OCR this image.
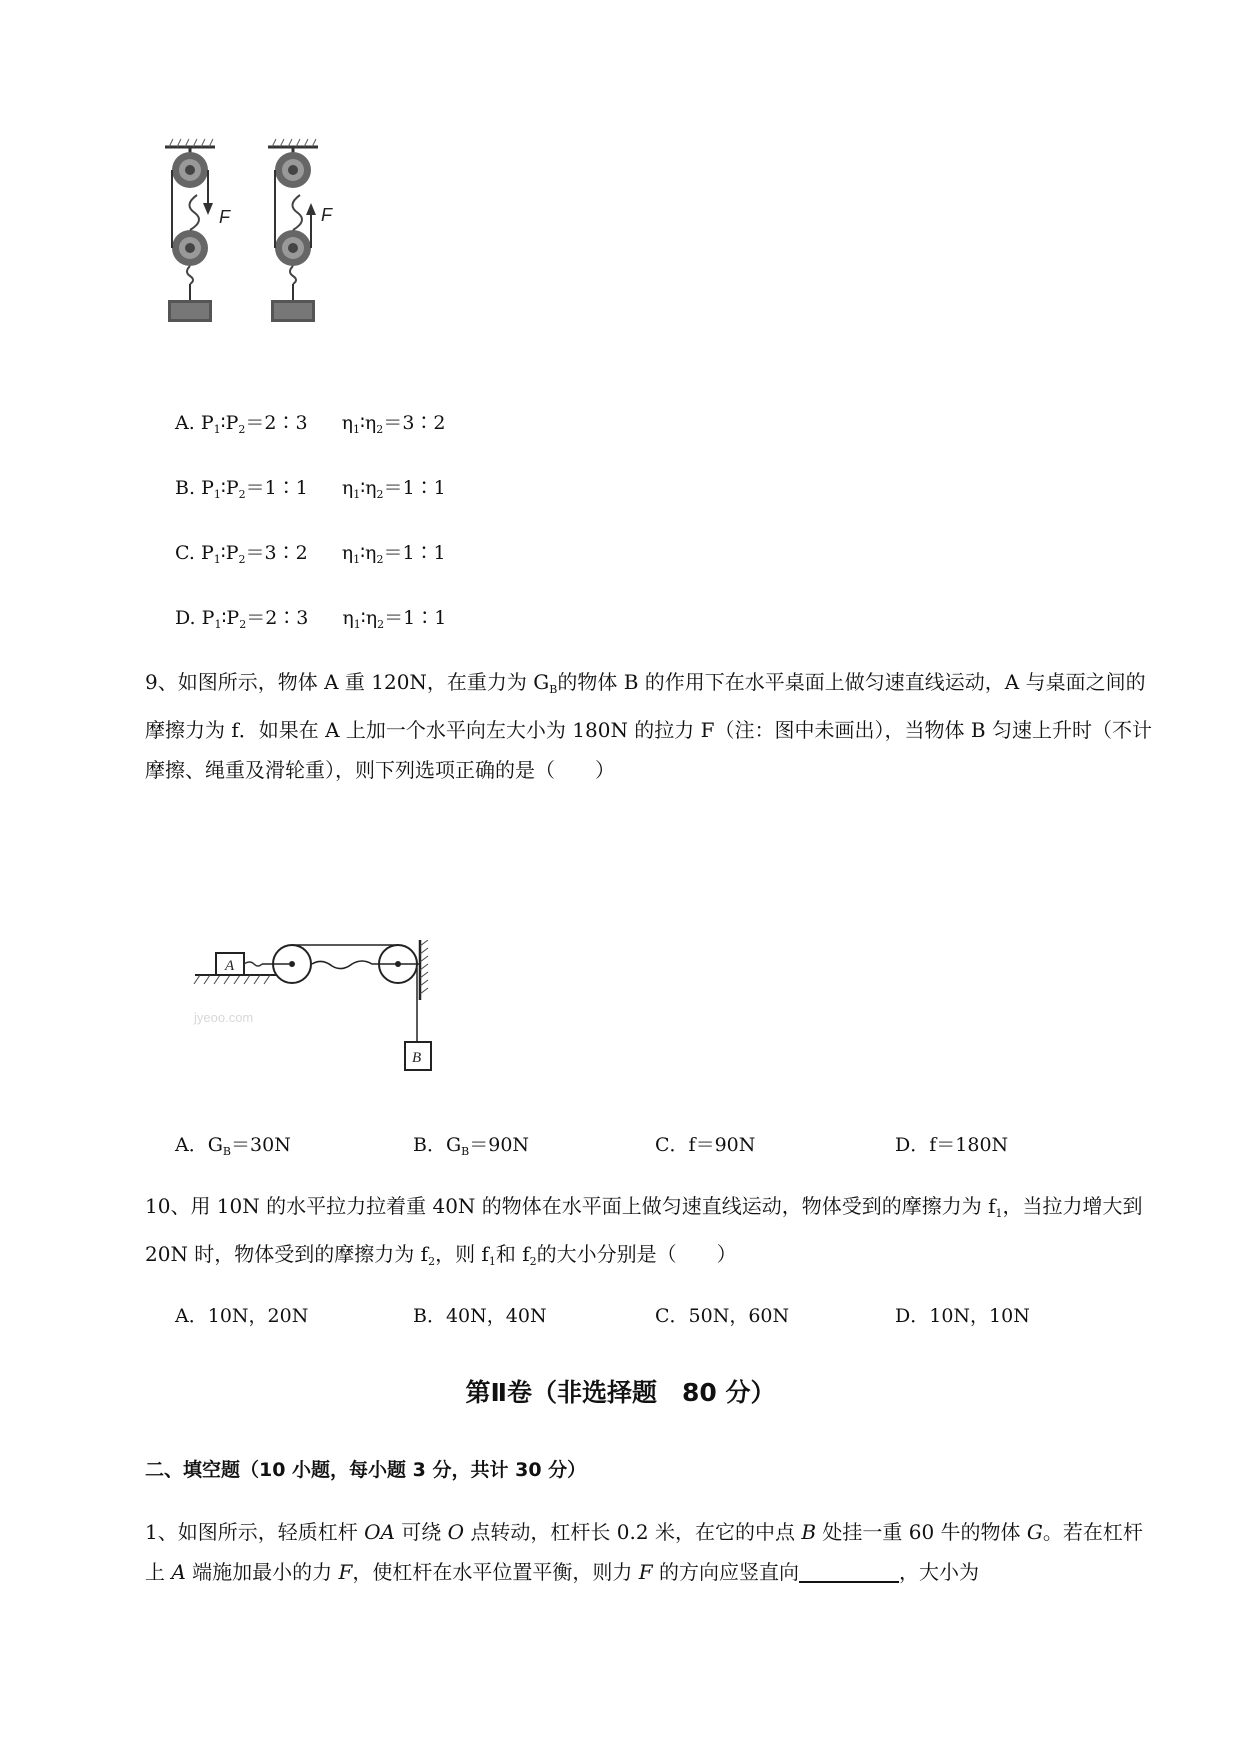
F	F
A. $P_1∶P_2=2∶3$ $\eta_1∶\eta_2=3∶2$
B. $P_1∶P_2=1∶1$ $\eta_1∶\eta_2=1∶1$
C. $P_1∶P_2=3∶2$ $\eta_1∶\eta_2=1∶1$
D. $P_1∶P_2=2∶3$ $\eta_1∶\eta_2=1∶1$
9、如图所示，物体 A 重 120N，在重力为 $G_B$的物体 B 的作用下在水平桌面上做匀速直线运动，A 与桌面之间的摩擦力为 f．如果在 A 上加一个水平向左大小为 180N 的拉力 F（注：图中未画出），当物体 B 匀速上升时（不计摩擦、绳重及滑轮重），则下列选项正确的是（　　）
A
B
jyeoo.com
A．$G_B=30N$	B．$G_B=90N$	C．f＝90N	D．f＝180N
10、用 10N 的水平拉力拉着重 40N 的物体在水平面上做匀速直线运动，物体受到的摩擦力为 $f_1$，当拉力增大到 20N 时，物体受到的摩擦力为 $f_2$，则 $f_1$和 $f_2$的大小分别是（　　）
A．10N，20N	B．40N，40N	C．50N，60N	D．10N，10N
第Ⅱ卷（非选择题　80 分）
二、填空题（10 小题，每小题 3 分，共计 30 分）
1、如图所示，轻质杠杆 OA 可绕 O 点转动，杠杆长 0.2 米，在它的中点 B 处挂一重 60 牛的物体 G。若在杠杆上 A 端施加最小的力 F，使杠杆在水平位置平衡，则力 F 的方向应竖直向	，大小为
